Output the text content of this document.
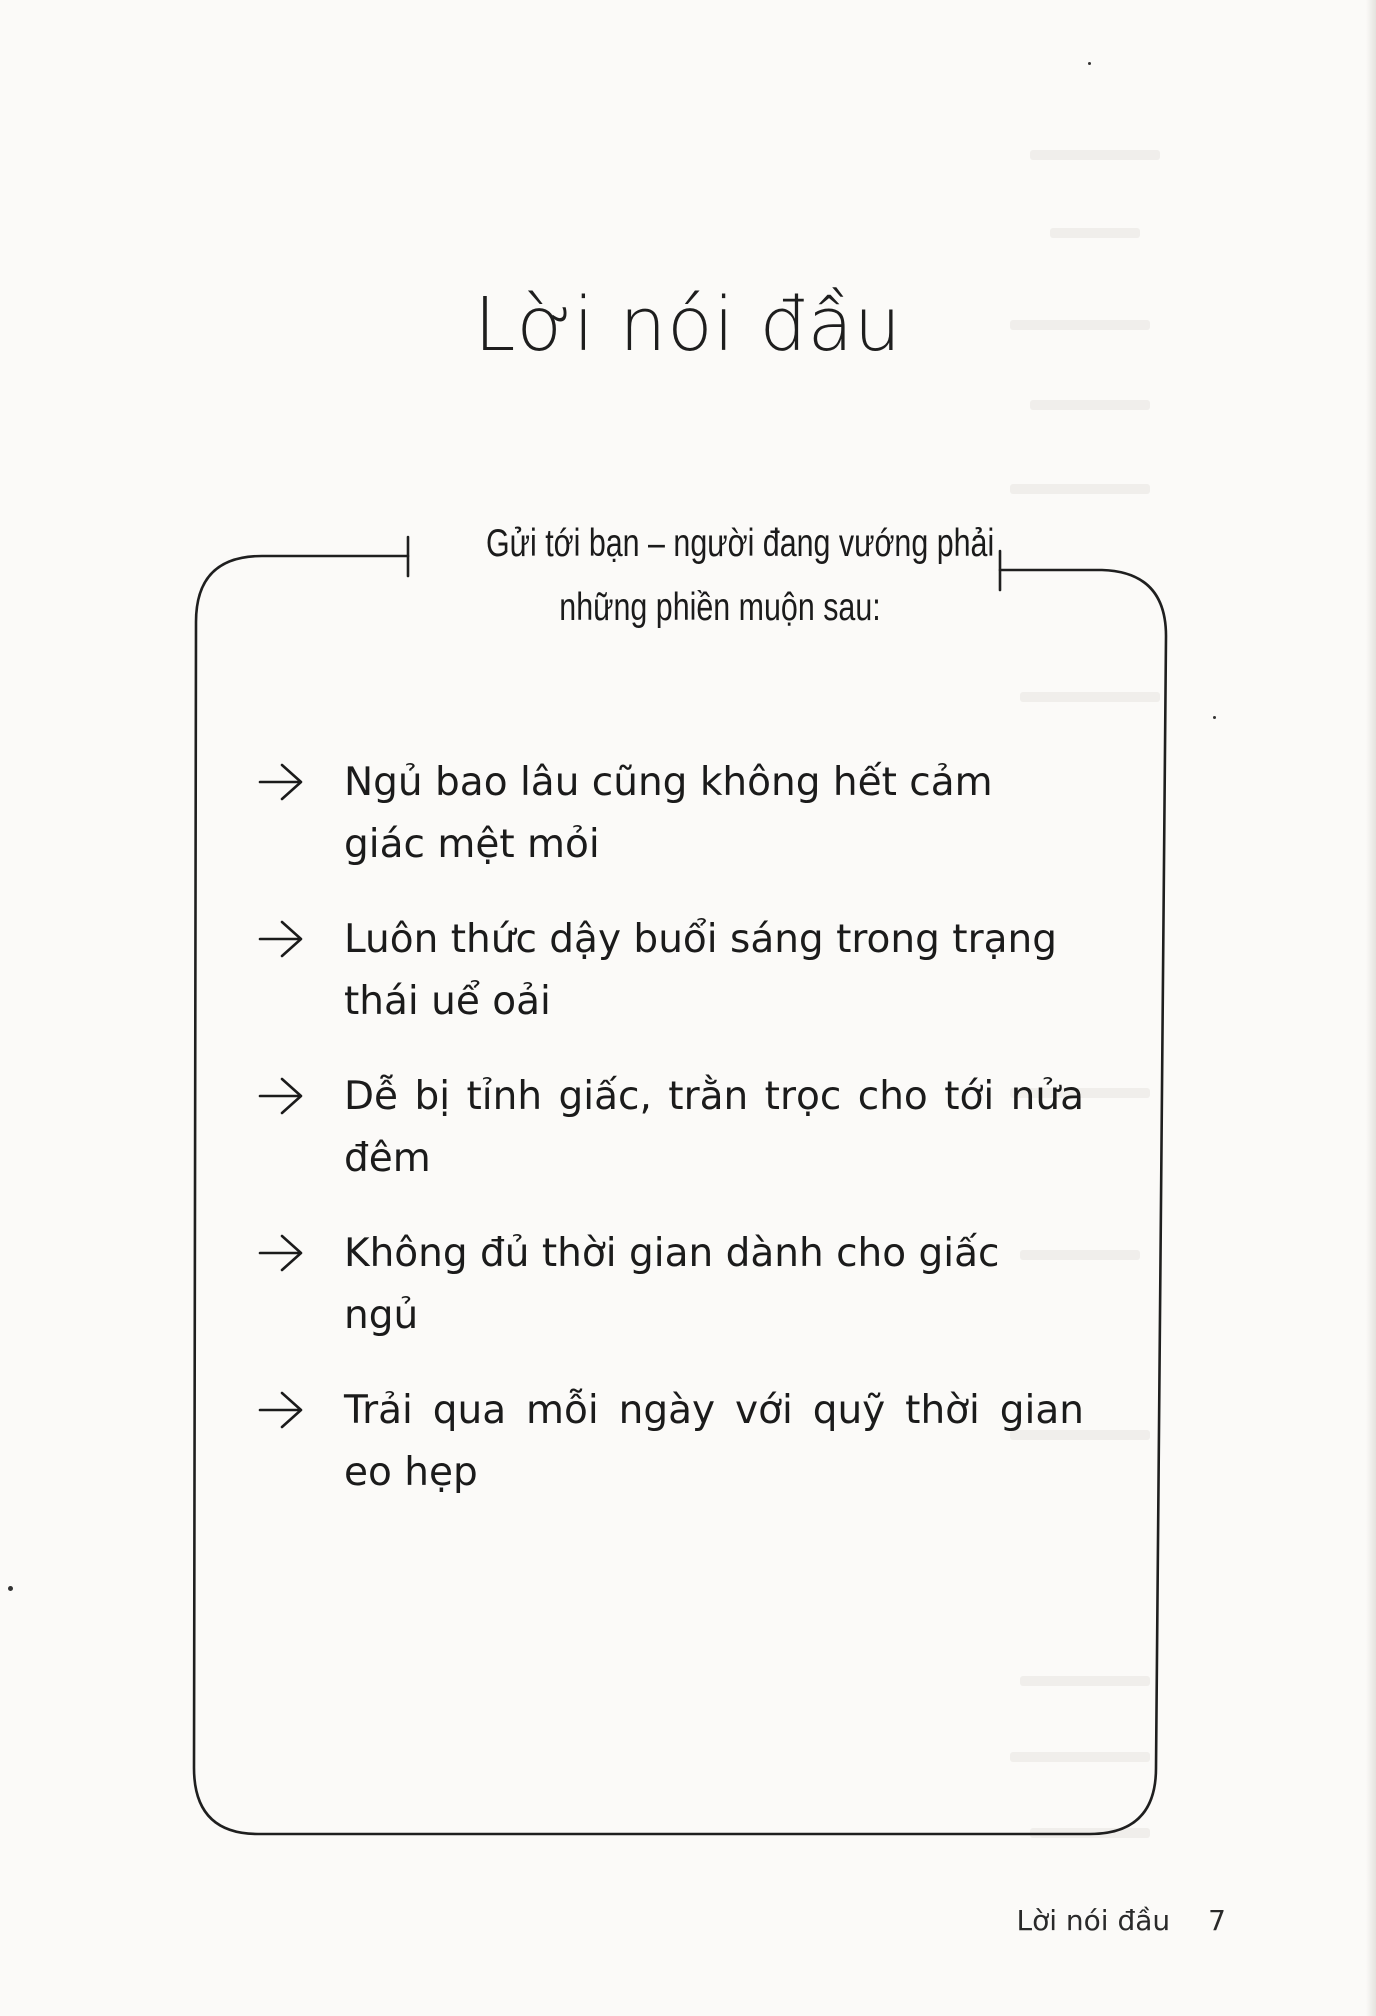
Lời nói đầu
Gửi tới bạn – người đang vướng phải
những phiền muộn sau:
Ngủ bao lâu cũng không hết cảm giác mệt mỏi
Luôn thức dậy buổi sáng trong trạng thái uể oải
Dễ bị tỉnh giấc, trằn trọc cho tới nửa đêm
Không đủ thời gian dành cho giấc ngủ
Trải qua mỗi ngày với quỹ thời gian eo hẹp
Lời nói đầu 7
